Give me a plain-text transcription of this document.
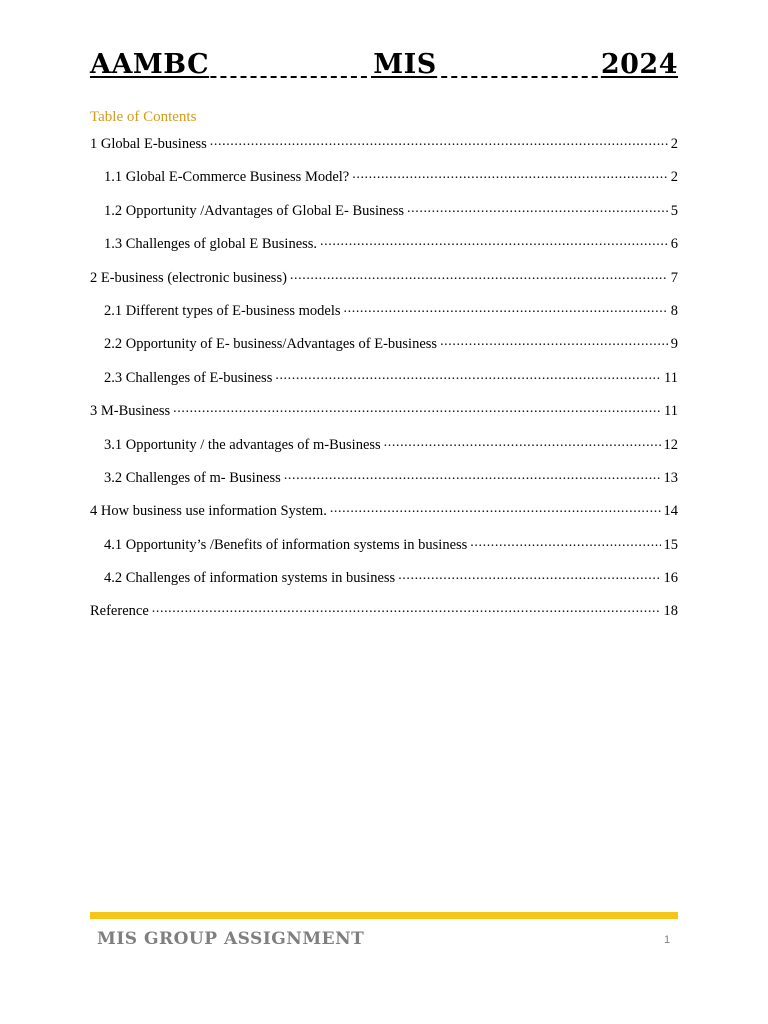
AAMBC	MIS	2024
Table of Contents
1 Global E-business .....	2
1.1 Global E-Commerce Business Model? .....	2
1.2 Opportunity /Advantages of Global E- Business .....	5
1.3 Challenges of global E Business. .....	6
2 E-business (electronic business) .....	7
2.1 Different types of E-business models .....	8
2.2 Opportunity of E- business/Advantages of E-business .....	9
2.3 Challenges of E-business .....	11
3 M-Business .....	11
3.1 Opportunity / the advantages of m-Business .....	12
3.2 Challenges of m- Business .....	13
4 How business use information System. .....	14
4.1 Opportunity’s /Benefits of information systems in business .....	15
4.2 Challenges of information systems in business .....	16
Reference .....	18
MIS GROUP ASSIGNMENT	1
